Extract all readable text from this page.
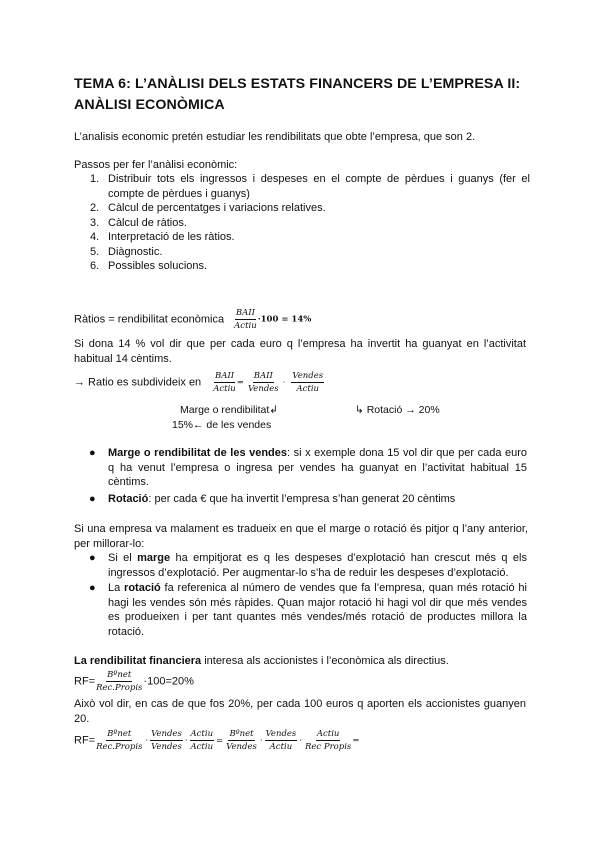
TEMA 6: L’ANÀLISI DELS ESTATS FINANCERS DE L’EMPRESA II: ANÀLISI ECONÒMICA
L’analisis economic pretén estudiar les rendibilitats que obte l’empresa, que son 2.
Passos per fer l’anàlisi econòmic:
1. Distribuir tots els ingressos i despeses en el compte de pèrdues i guanys (fer el compte de pèrdues i guanys)
2. Càlcul de percentatges i variacions relatives.
3. Càlcul de ràtios.
4. Interpretació de les ràtios.
5. Diàgnostic.
6. Possibles solucions.
Ràtios = rendibilitat econòmica $\frac{\text{BAII}}{\text{Actiu}} \cdot 100 = 14\%$
Si dona 14 % vol dir que per cada euro q l’empresa ha invertit ha guanyat en l’activitat habitual 14 cèntims.
→ Ratio es subdivideix en $\frac{\text{BAII}}{\text{Actiu}} = \frac{\text{BAII}}{\text{Vendes}} \cdot \frac{\text{Vendes}}{\text{Actiu}}$
Marge o rendibilitat↲	↳ Rotació → 20%
15%← de les vendes
● Marge o rendibilitat de les vendes: si x exemple dona 15 vol dir que per cada euro q ha venut l’empresa o ingresa per vendes ha guanyat en l’activitat habitual 15 cèntims.
● Rotació: per cada € que ha invertit l’empresa s’han generat 20 cèntims
Si una empresa va malament es tradueix en que el marge o rotació és pitjor q l’any anterior, per millorar-lo:
● Si el marge ha empitjorat es q les despeses d’explotació han crescut més q els ingressos d’explotació. Per augmentar-lo s’ha de reduir les despeses d’explotació.
● La rotació fa referenica al número de vendes que fa l’empresa, quan més rotació hi hagi les vendes són més ràpides. Quan major rotació hi hagi vol dir que més vendes es produeixen i per tant quantes més vendes/més rotació de productes millora la rotació.
La rendibilitat financiera interesa als accionistes i l’econòmica als directius.
$RF= \frac{\text{Bºnet}}{\text{Rec.Propis}} \cdot 100=20\%$
Això vol dir, en cas de que fos 20%, per cada 100 euros q aporten els accionistes guanyen 20.
$RF= \frac{\text{Bºnet}}{\text{Rec.Propis}} \cdot \frac{\text{Vendes}}{\text{Vendes}} \cdot \frac{\text{Actiu}}{\text{Actiu}} = \frac{\text{Bºnet}}{\text{Vendes}} \cdot \frac{\text{Vendes}}{\text{Actiu}} \cdot \frac{\text{Actiu}}{\text{Rec Propis}}$ =
